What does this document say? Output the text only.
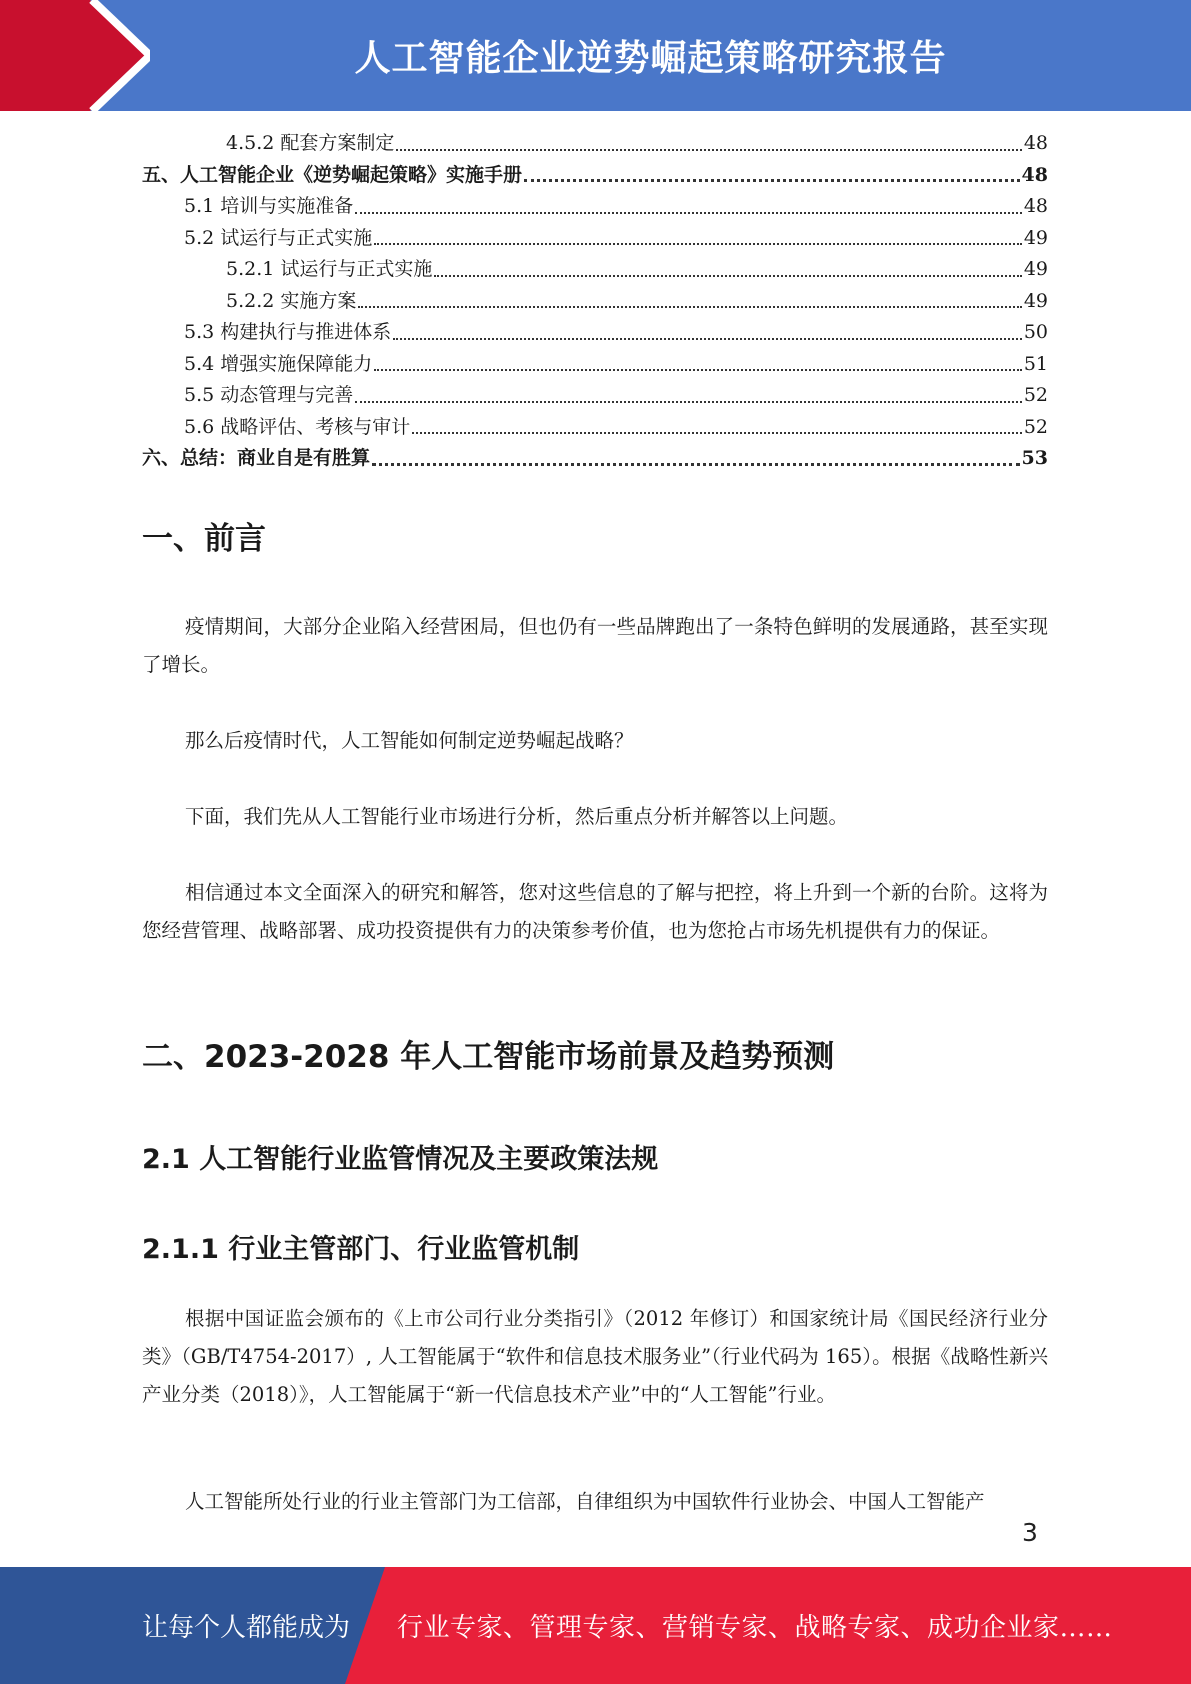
人工智能企业逆势崛起策略研究报告
4.5.2 配套方案制定	48
五、人工智能企业《逆势崛起策略》实施手册	48
5.1 培训与实施准备	48
5.2 试运行与正式实施	49
5.2.1 试运行与正式实施	49
5.2.2 实施方案	49
5.3 构建执行与推进体系	50
5.4 增强实施保障能力	51
5.5 动态管理与完善	52
5.6 战略评估、考核与审计	52
六、总结：商业自是有胜算	53
一、前言

疫情期间，大部分企业陷入经营困局，但也仍有一些品牌跑出了一条特色鲜明的发展通路，甚至实现了增长。

那么后疫情时代，人工智能如何制定逆势崛起战略？

下面，我们先从人工智能行业市场进行分析，然后重点分析并解答以上问题。

相信通过本文全面深入的研究和解答，您对这些信息的了解与把控，将上升到一个新的台阶。这将为您经营管理、战略部署、成功投资提供有力的决策参考价值，也为您抢占市场先机提供有力的保证。

二、2023-2028 年人工智能市场前景及趋势预测
2.1 人工智能行业监管情况及主要政策法规
2.1.1 行业主管部门、行业监管机制

根据中国证监会颁布的《上市公司行业分类指引》（2012 年修订）和国家统计局《国民经济行业分类》（GB/T4754-2017）, 人工智能属于“软件和信息技术服务业”（行业代码为 165）。根据《战略性新兴产业分类（2018）》，人工智能属于“新一代信息技术产业”中的“人工智能”行业。

人工智能所处行业的行业主管部门为工信部，自律组织为中国软件行业协会、中国人工智能产

3
让每个人都能成为 行业专家、管理专家、营销专家、战略专家、成功企业家……
